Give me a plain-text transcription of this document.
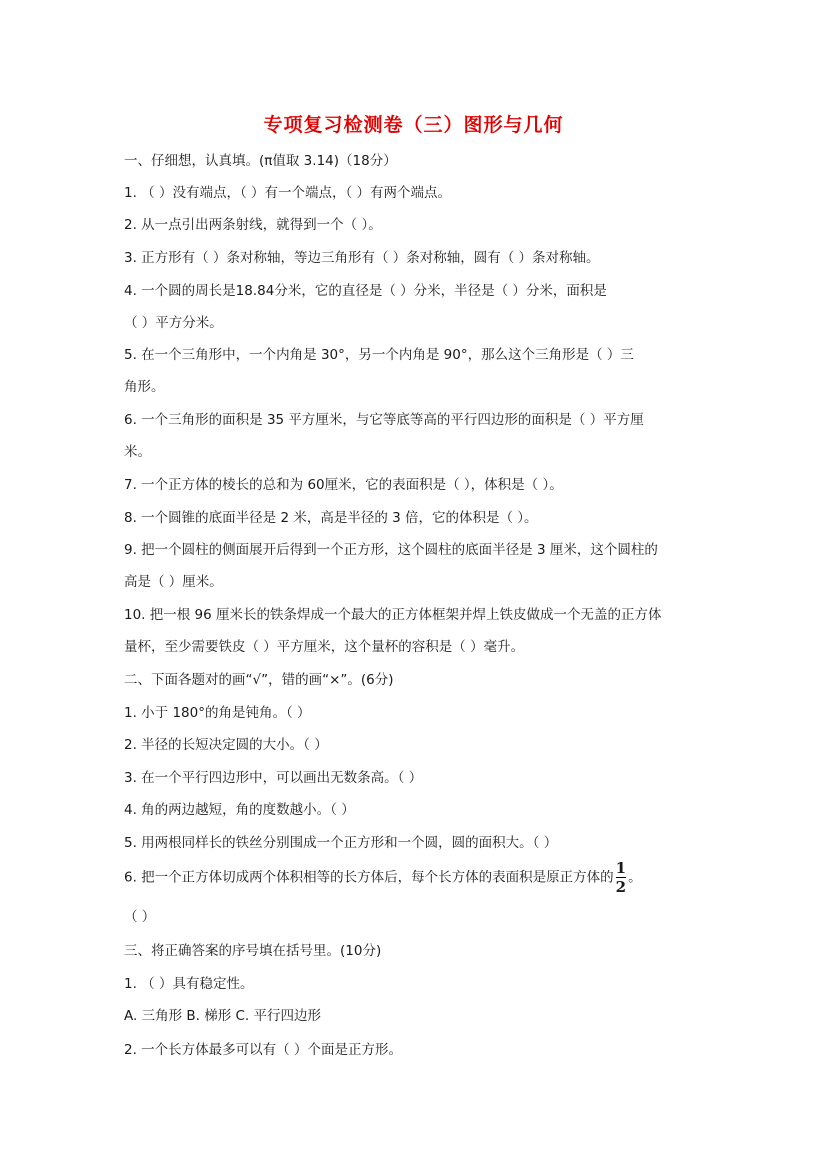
专项复习检测卷（三）图形与几何
一、仔细想，认真填。(π值取 3.14)（18分）
1. （ ）没有端点，（ ）有一个端点，（ ）有两个端点。
2. 从一点引出两条射线，就得到一个（ ）。
3. 正方形有（ ）条对称轴，等边三角形有（ ）条对称轴，圆有（ ）条对称轴。
4. 一个圆的周长是18.84分米，它的直径是（ ）分米，半径是（ ）分米，面积是
（ ）平方分米。
5. 在一个三角形中，一个内角是 30°，另一个内角是 90°，那么这个三角形是（ ）三
角形。
6. 一个三角形的面积是 35 平方厘米，与它等底等高的平行四边形的面积是（ ）平方厘
米。
7. 一个正方体的棱长的总和为 60厘米，它的表面积是（ ），体积是（ ）。
8. 一个圆锥的底面半径是 2 米，高是半径的 3 倍，它的体积是（ ）。
9. 把一个圆柱的侧面展开后得到一个正方形，这个圆柱的底面半径是 3 厘米，这个圆柱的
高是（ ）厘米。
10. 把一根 96 厘米长的铁条焊成一个最大的正方体框架并焊上铁皮做成一个无盖的正方体
量杯，至少需要铁皮（ ）平方厘米，这个量杯的容积是（ ）毫升。
二、下面各题对的画“√”，错的画“×”。(6分)
1. 小于 180°的角是钝角。（ ）
2. 半径的长短决定圆的大小。（ ）
3. 在一个平行四边形中，可以画出无数条高。（ ）
4. 角的两边越短，角的度数越小。（ ）
5. 用两根同样长的铁丝分别围成一个正方形和一个圆，圆的面积大。（ ）
6. 把一个正方体切成两个体积相等的长方体后，每个长方体的表面积是原正方体的 $\frac{1}{2}$ 。
（ ）
三、将正确答案的序号填在括号里。(10分)
1. （ ）具有稳定性。
A. 三角形 B. 梯形 C. 平行四边形
2. 一个长方体最多可以有（ ）个面是正方形。
